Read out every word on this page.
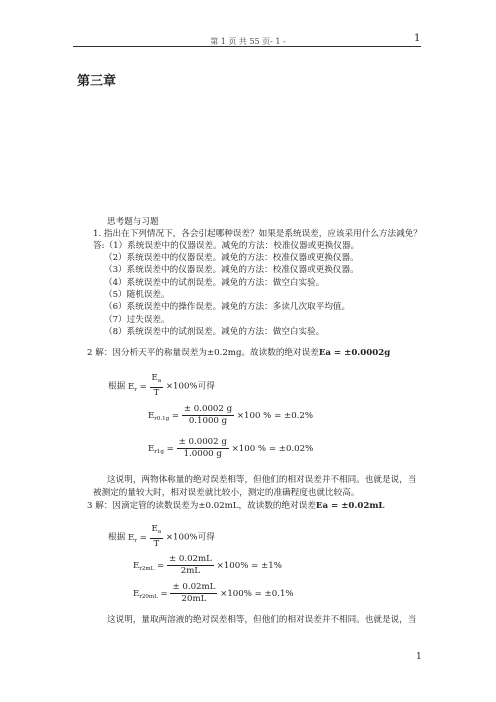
第 1 页 共 55 页- 1 -	1
第三章
思考题与习题
1. 指出在下列情况下，各会引起哪种误差？如果是系统误差，应该采用什么方法减免？
答:（1）系统误差中的仪器误差。减免的方法：校准仪器或更换仪器。
（2）系统误差中的仪器误差。减免的方法：校准仪器或更换仪器。
（3）系统误差中的仪器误差。减免的方法：校准仪器或更换仪器。
（4）系统误差中的试剂误差。减免的方法：做空白实验。
（5）随机误差。
（6）系统误差中的操作误差。减免的方法：多读几次取平均值。
（7）过失误差。
（8）系统误差中的试剂误差。减免的方法：做空白实验。
2 解：因分析天平的称量误差为±0.2mg。故读数的绝对误差Ea = ±0.0002g
根据 $E_r = \frac{E_a}{T} \times 100\%$可得
$E_{r0.1g} = \frac{\pm 0.0002 g}{0.1000 g} \times 100$ % = ±0.2%
$E_{r1g} = \frac{\pm 0.0002 g}{1.0000 g} \times 100$ % = ±0.02%
这说明，两物体称量的绝对误差相等，但他们的相对误差并不相同。也就是说，当
被测定的量较大时，相对误差就比较小，测定的准确程度也就比较高。
3 解：因滴定管的读数误差为±0.02mL，故读数的绝对误差Ea = ±0.02mL
根据 $E_r = \frac{E_a}{T} \times 100\%$可得
$E_{r2mL} = \frac{\pm 0.02mL}{2mL} \times 100\% = \pm 1\%$
$E_{r20mL} = \frac{\pm 0.02mL}{20mL} \times 100\% = \pm 0.1\%$
这说明，量取两溶液的绝对误差相等，但他们的相对误差并不相同。也就是说，当
1
